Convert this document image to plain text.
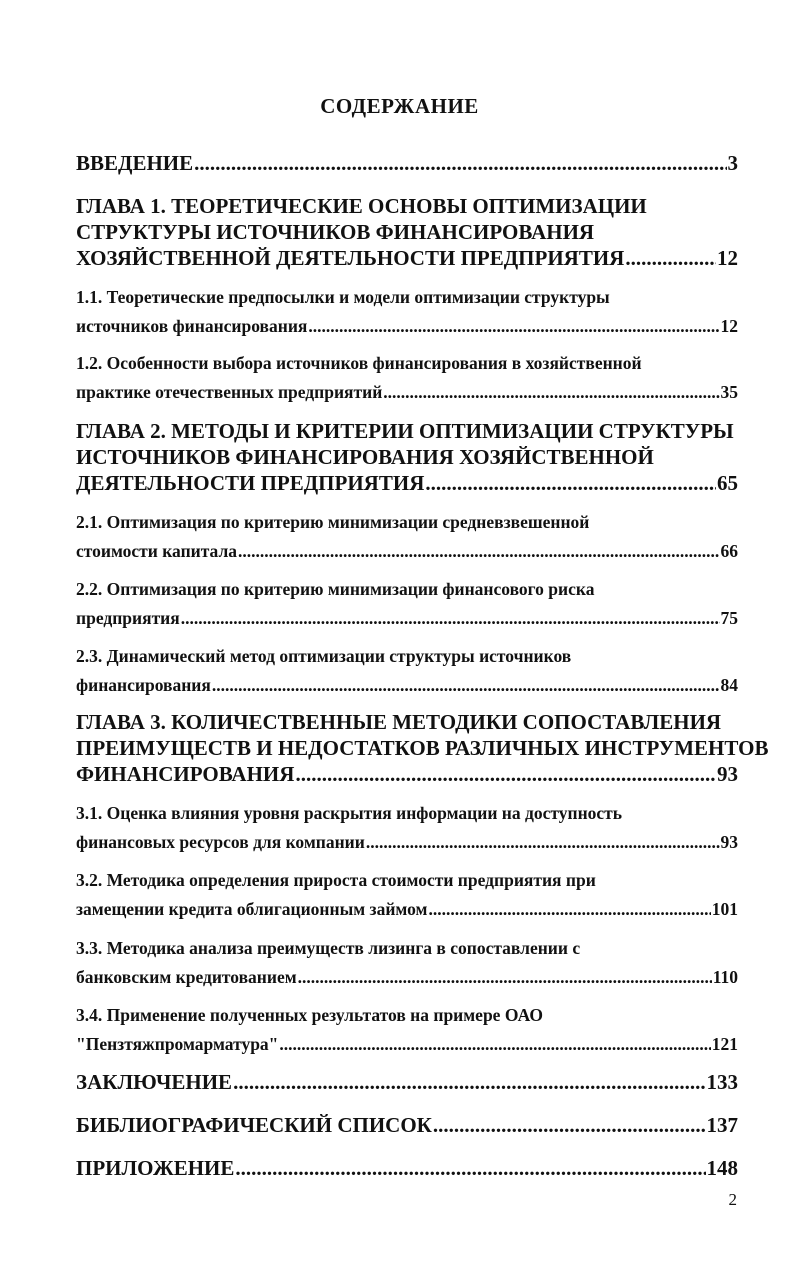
СОДЕРЖАНИЕ
ВВЕДЕНИЕ .....	3
ГЛАВА 1. ТЕОРЕТИЧЕСКИЕ ОСНОВЫ ОПТИМИЗАЦИИ
СТРУКТУРЫ ИСТОЧНИКОВ ФИНАНСИРОВАНИЯ
ХОЗЯЙСТВЕННОЙ ДЕЯТЕЛЬНОСТИ ПРЕДПРИЯТИЯ .....	12
1.1. Теоретические предпосылки и модели оптимизации структуры
источников финансирования .....	12
1.2. Особенности выбора источников финансирования в хозяйственной
практике отечественных предприятий .....	35
ГЛАВА 2. МЕТОДЫ И КРИТЕРИИ ОПТИМИЗАЦИИ СТРУКТУРЫ
ИСТОЧНИКОВ ФИНАНСИРОВАНИЯ ХОЗЯЙСТВЕННОЙ
ДЕЯТЕЛЬНОСТИ ПРЕДПРИЯТИЯ .....	65
2.1. Оптимизация по критерию минимизации средневзвешенной
стоимости капитала .....	66
2.2. Оптимизация по критерию минимизации финансового риска
предприятия .....	75
2.3. Динамический метод оптимизации структуры источников
финансирования .....	84
ГЛАВА 3. КОЛИЧЕСТВЕННЫЕ МЕТОДИКИ СОПОСТАВЛЕНИЯ
ПРЕИМУЩЕСТВ И НЕДОСТАТКОВ РАЗЛИЧНЫХ ИНСТРУМЕНТОВ
ФИНАНСИРОВАНИЯ .....	93
3.1. Оценка влияния уровня раскрытия информации на доступность
финансовых ресурсов для компании .....	93
3.2. Методика определения прироста стоимости предприятия при
замещении кредита облигационным займом .....	101
3.3. Методика анализа преимуществ лизинга в сопоставлении с
банковским кредитованием .....	110
3.4. Применение полученных результатов на примере ОАО
"Пензтяжпромарматура" .....	121
ЗАКЛЮЧЕНИЕ .....	133
БИБЛИОГРАФИЧЕСКИЙ СПИСОК .....	137
ПРИЛОЖЕНИЕ .....	148
2
